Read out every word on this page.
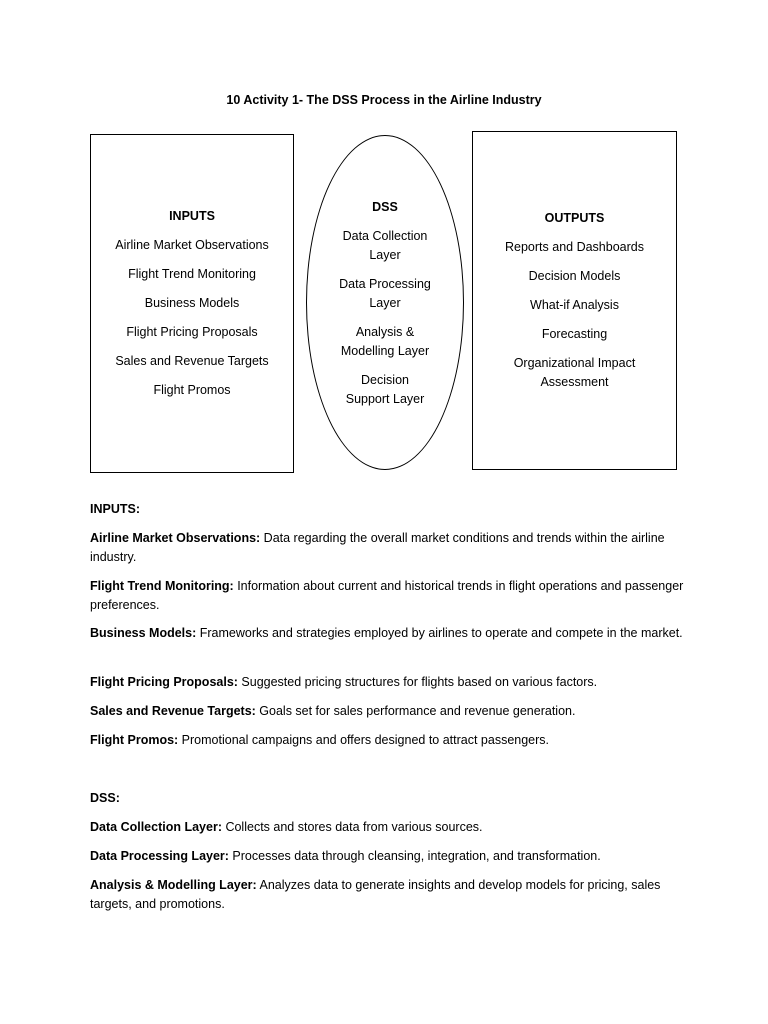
10 Activity 1- The DSS Process in the Airline Industry
INPUTS
Airline Market Observations
Flight Trend Monitoring
Business Models
Flight Pricing Proposals
Sales and Revenue Targets
Flight Promos
DSS
Data Collection
Layer
Data Processing
Layer
Analysis &
Modelling Layer
Decision
Support Layer
OUTPUTS
Reports and Dashboards
Decision Models
What-if Analysis
Forecasting
Organizational Impact
Assessment
INPUTS:

Airline Market Observations: Data regarding the overall market conditions and trends within the airline industry.

Flight Trend Monitoring: Information about current and historical trends in flight operations and passenger preferences.

Business Models: Frameworks and strategies employed by airlines to operate and compete in the market.

Flight Pricing Proposals: Suggested pricing structures for flights based on various factors.

Sales and Revenue Targets: Goals set for sales performance and revenue generation.

Flight Promos: Promotional campaigns and offers designed to attract passengers.

DSS:

Data Collection Layer: Collects and stores data from various sources.

Data Processing Layer: Processes data through cleansing, integration, and transformation.

Analysis & Modelling Layer: Analyzes data to generate insights and develop models for pricing, sales targets, and promotions.
